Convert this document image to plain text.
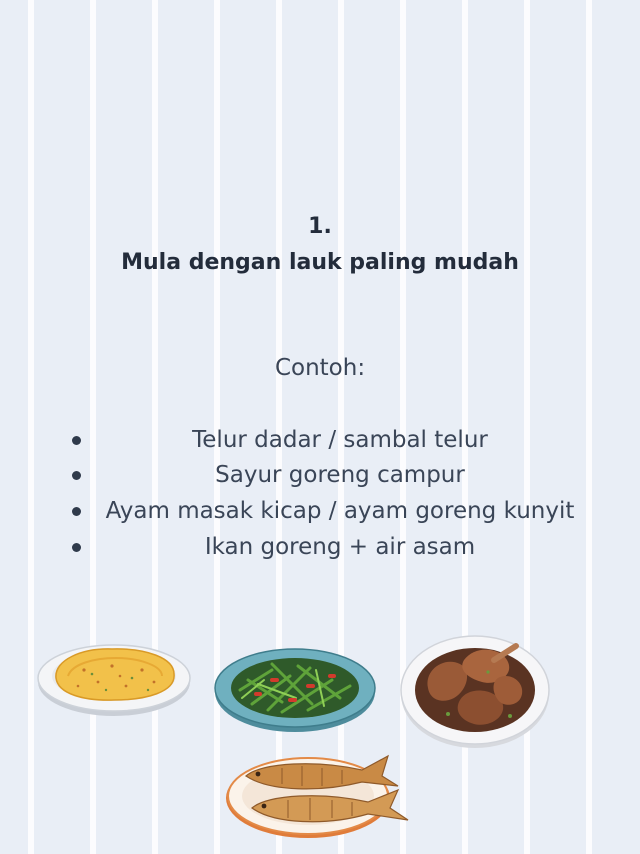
1.
Mula dengan lauk paling mudah
Contoh:
Telur dadar / sambal telur
Sayur goreng campur
Ayam masak kicap / ayam goreng kunyit
Ikan goreng + air asam
